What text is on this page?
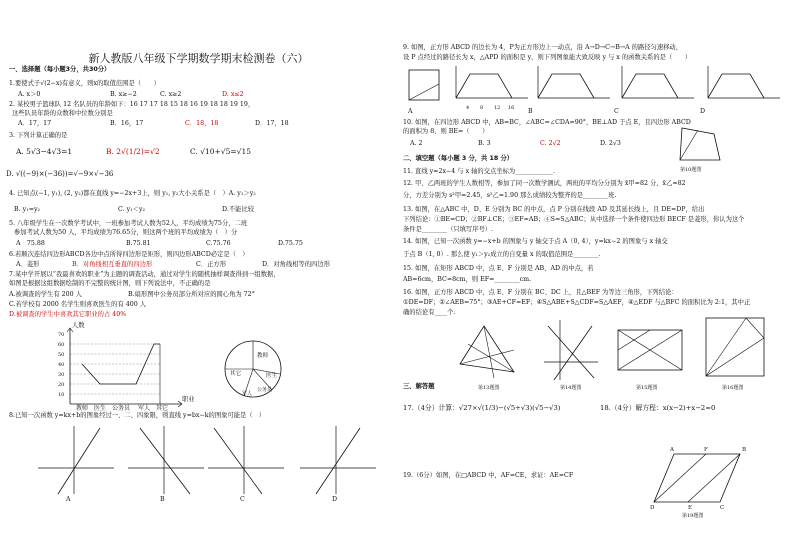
新人教版八年级下学期数学期末检测卷（六）
一、选择题（每小题3分，共30分）
1.要使式子√(2−x)有意义，则x的取值范围是（　　）
A. x＞0	B. x≥−2	C. x≥2	D. x≤2
2. 某校男子篮球队 12 名队员的年龄如下：16 17 17 18 15 18 16 19 18 18 19 19，
这些队员年龄的众数和中位数分别是
A．17，17	B．16，17	C．18，18	D．17，18
3. 下列计算正确的是
A. 5√3−4√3=1	B. 2√(1/2)=√2	C. √10+√5=√15
D. √((−9)×(−36))=√−9×√−36
4. 已知点(−1, y₁), (2, y₂)都在直线 y=−2x+3上，则 y₁, y₂大小关系是（　）A. y₁＞y₂
B. y₁=y₂	C. y₁＜y₂	D.不能比较
5. 八年级学生在一次数学考试中，一班参加考试人数为52人，平均成绩为75分，二班
参加考试人数为50 人，平均成绩为76.65分，则这两个班的平均成绩为（　）分
A　75.88	B.75.81	C.75.76	D.75.75
6.若顺次连结四边形ABCD各边中点所得四边形是矩形，则四边形ABCD必定是（　）
A．菱形	B．对角线相互垂直的四边形	C．正方形	D．对角线相等的四边形
7.某中学开展以“我最喜欢的职业”为主题的调查活动，通过对学生的随机抽样调查得到一组数据，
如图是根据这组数据绘制的不完整的统计图，则下列说法中，不正确的是
A.被调查的学生有 200 人	B.扇形图中公务员部分所对应的圆心角为 72°
C.若学校有 2000 名学生则喜欢医生的有 400 人
D.被调查的学生中喜欢其它职业的占 40%
人数
职业
70
60
50
40
30
20
10
教师 医生 公务员 军人 其它
教师
医生
其它
公务员
军人
8.已知一次函数 y=kx+b的图象经过一、二、四象限，则直线 y=bx−k的图象可能是（　）
A	B	C	D
9. 如图，正方形 ABCD 的边长为 4，P为正方形边上一动点，沿 A→D→C→B→A 的路径匀速移动，
设 P 点经过的路径长为 x，△APD 的面积是 y，则下列图象能大致反映 y 与 x 的函数关系的是（　　）
4 8 12 16
A	B	C	D
10. 如图，在四边形 ABCD 中，AB=BC，∠ABC=∠CDA=90°，BE⊥AD 于点 E，且四边形 ABCD
的面积为 8，则 BE=（　　）
A. 2	B. 3	C. 2√2	D. 2√3
第10题图
二、填空题（每小题 3 分，共 18 分）
11. 直线 y=2x−4 与 x 轴的交点坐标为____________.
12. 甲、乙两班的学生人数相等，参加了同一次数学测试，两班的平均分分别为 x̄甲=82 分，x̄乙=82
分，方差分别为 s²甲=2.45，s²乙=1.90 那么成绩较为整齐的是________班.
13. 如图，在△ABC 中，D、E 分别为 BC 的中点，点 P 分别在线段 AD 及其延长线上，且 DE=DP，给出
下列结论：①BE=CD；②BF⊥CE；③EF=AB；④S=S△ABC；从中选择一个条件使四边形 BECF 是菱形，你认为这个
条件是________（只填写序号）.
14. 如图，已知一次函数 y=−x+b 的图象与 y 轴交于点 A（0, 4），y=kx−2 的图象与 x 轴交
于点 B（1, 0）. 那么使 y₁＞y₂成立的自变量 x 的取值范围是________.
15. 如图，在矩形 ABCD 中，点 E、F 分别是 AB、AD 的中点，若
AB=6cm，BC=8cm，则 EF=________cm.
16. 如图，正方形 ABCD 中，点 E、F 分别在 BC、DC 上，且△BEF 为等边三角形，下列结论：
①DE=DF；②∠AEB=75°；③AE+CF=EF；④S△ABE+S△CDF=S△AEF，④△EDF 与△BFC 的面积比为 2:1，其中正
确的结论有____个.
第13题图	第14题图	第15题图	第16题图
三、解答题
17.（4分）计算：√27×√(1/3)−(√5+√3)(√5−√3)	18.（4分）解方程：x(x−2)+x−2=0
19.（6分）如图，在□ABCD 中，AF=CE，求证：AE=CF
A	F	B
D	E	C
第19题图
